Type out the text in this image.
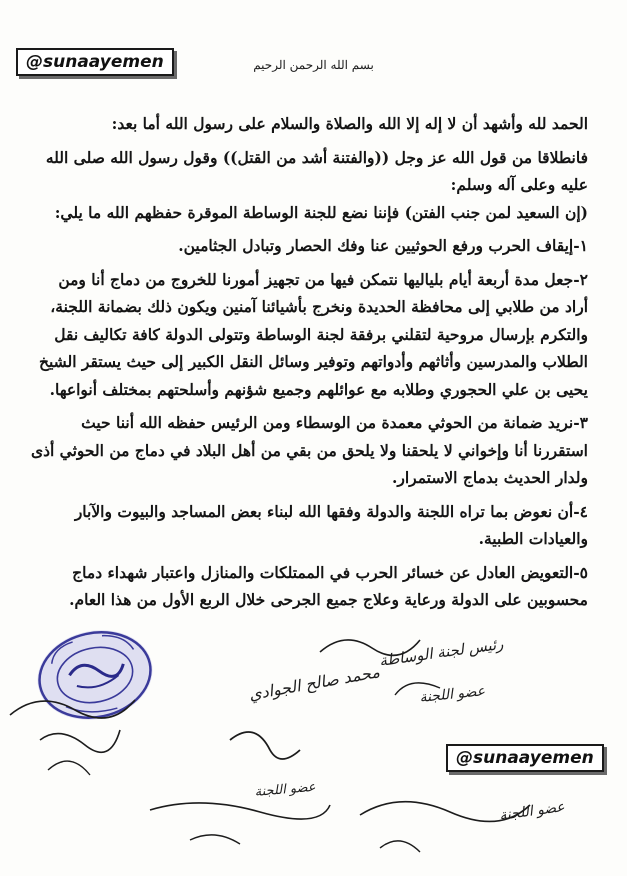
@sunaayemen	بسم الله الرحمن الرحيم

الحمد لله وأشهد أن لا إله إلا الله والصلاة والسلام على رسول الله أما بعد:

فانطلاقا من قول الله عز وجل ((والفتنة أشد من القتل)) وقول رسول الله صلى الله عليه وعلى آله وسلم:

(إن السعيد لمن جنب الفتن) فإننا نضع للجنة الوساطة الموقرة حفظهم الله ما يلي:

١-إيقاف الحرب ورفع الحوثيين عنا وفك الحصار وتبادل الجثامين.

٢-جعل مدة أربعة أيام بلياليها نتمكن فيها من تجهيز أمورنا للخروج من دماج أنا ومن أراد من طلابي إلى محافظة الحديدة ونخرج بأشيائنا آمنين ويكون ذلك بضمانة اللجنة، والتكرم بإرسال مروحية لتقلني برفقة لجنة الوساطة وتتولى الدولة كافة تكاليف نقل الطلاب والمدرسين وأثاثهم وأدواتهم وتوفير وسائل النقل الكبير إلى حيث يستقر الشيخ يحيى بن علي الحجوري وطلابه مع عوائلهم وجميع شؤنهم وأسلحتهم بمختلف أنواعها.

٣-نريد ضمانة من الحوثي معمدة من الوسطاء ومن الرئيس حفظه الله أننا حيث استقررنا أنا وإخواني لا يلحقنا ولا يلحق من بقي من أهل البلاد في دماج من الحوثي أذى ولدار الحديث بدماج الاستمرار.

٤-أن نعوض بما تراه اللجنة والدولة وفقها الله لبناء بعض المساجد والبيوت والآبار والعيادات الطبية.

٥-التعويض العادل عن خسائر الحرب في الممتلكات والمنازل واعتبار شهداء دماج محسوبين على الدولة ورعاية وعلاج جميع الجرحى خلال الربع الأول من هذا العام.

رئيس لجنة الوساطة
عضو اللجنة
محمد صالح الجوادي
عضو اللجنة
عضو اللجنة
@sunaayemen
